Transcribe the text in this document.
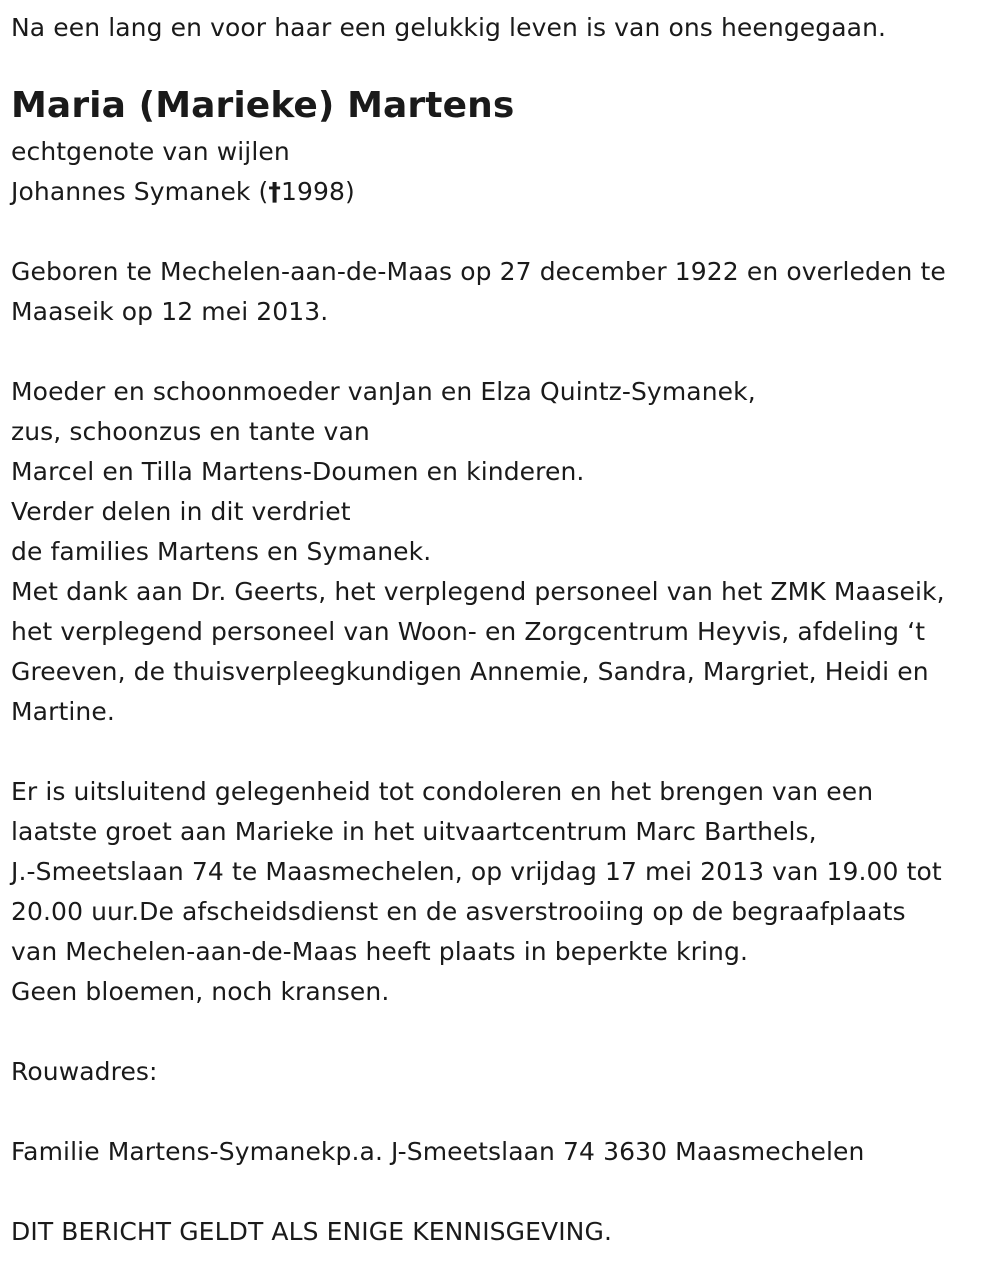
Na een lang en voor haar een gelukkig leven is van ons heengegaan.
Maria (Marieke) Martens
echtgenote van wijlen
Johannes Symanek (†1998)
Geboren te Mechelen-aan-de-Maas op 27 december 1922 en overleden te
Maaseik op 12 mei 2013.
Moeder en schoonmoeder vanJan en Elza Quintz-Symanek,
zus, schoonzus en tante van
Marcel en Tilla Martens-Doumen en kinderen.
Verder delen in dit verdriet
de families Martens en Symanek.
Met dank aan Dr. Geerts, het verplegend personeel van het ZMK Maaseik,
het verplegend personeel van Woon- en Zorgcentrum Heyvis, afdeling ‘t
Greeven, de thuisverpleegkundigen Annemie, Sandra, Margriet, Heidi en
Martine.
Er is uitsluitend gelegenheid tot condoleren en het brengen van een
laatste groet aan Marieke in het uitvaartcentrum Marc Barthels,
J.-Smeetslaan 74 te Maasmechelen, op vrijdag 17 mei 2013 van 19.00 tot
20.00 uur.De afscheidsdienst en de asverstrooiing op de begraafplaats
van Mechelen-aan-de-Maas heeft plaats in beperkte kring.
Geen bloemen, noch kransen.
Rouwadres:
Familie Martens-Symanekp.a. J-Smeetslaan 74 3630 Maasmechelen
DIT BERICHT GELDT ALS ENIGE KENNISGEVING.
